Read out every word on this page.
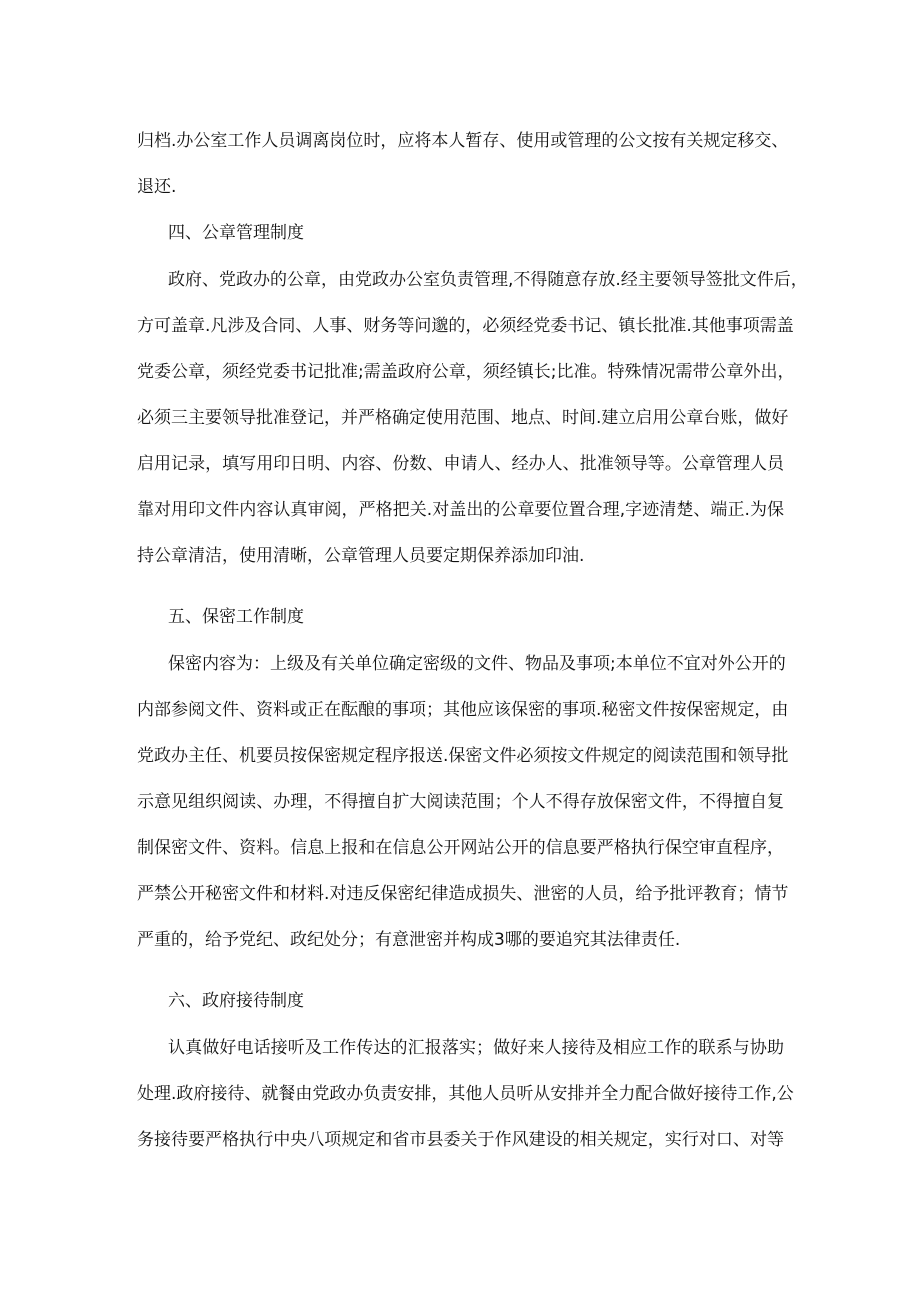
归档.办公室工作人员调离岗位时，应将本人暂存、使用或管理的公文按有关规定移交、
退还.
四、公章管理制度
政府、党政办的公章，由党政办公室负责管理,不得随意存放.经主要领导签批文件后，
方可盖章.凡涉及合同、人事、财务等问邈的，必须经党委书记、镇长批准.其他事项需盖
党委公章，须经党委书记批准;需盖政府公章，须经镇长;比准。特殊情况需带公章外出，
必须三主要领导批准登记，并严格确定使用范围、地点、时间.建立启用公章台账，做好
启用记录，填写用印日明、内容、份数、申请人、经办人、批准领导等。公章管理人员
靠对用印文件内容认真审阅，严格把关.对盖出的公章要位置合理,字迹清楚、端正.为保
持公章清洁，使用清晰，公章管理人员要定期保养添加印油.
五、保密工作制度
保密内容为：上级及有关单位确定密级的文件、物品及事项;本单位不宜对外公开的
内部参阅文件、资料或正在酝酿的事项；其他应该保密的事项.秘密文件按保密规定，由
党政办主任、机要员按保密规定程序报送.保密文件必须按文件规定的阅读范围和领导批
示意见组织阅读、办理，不得擅自扩大阅读范围；个人不得存放保密文件，不得擅自复
制保密文件、资料。信息上报和在信息公开网站公开的信息要严格执行保空审直程序，
严禁公开秘密文件和材料.对违反保密纪律造成损失、泄密的人员，给予批评教育；情节
严重的，给予党纪、政纪处分；有意泄密并构成3哪的要追究其法律责任.
六、政府接待制度
认真做好电话接听及工作传达的汇报落实；做好来人接待及相应工作的联系与协助
处理.政府接待、就餐由党政办负责安排，其他人员听从安排并全力配合做好接待工作,公
务接待要严格执行中央八项规定和省市县委关于作风建设的相关规定，实行对口、对等
